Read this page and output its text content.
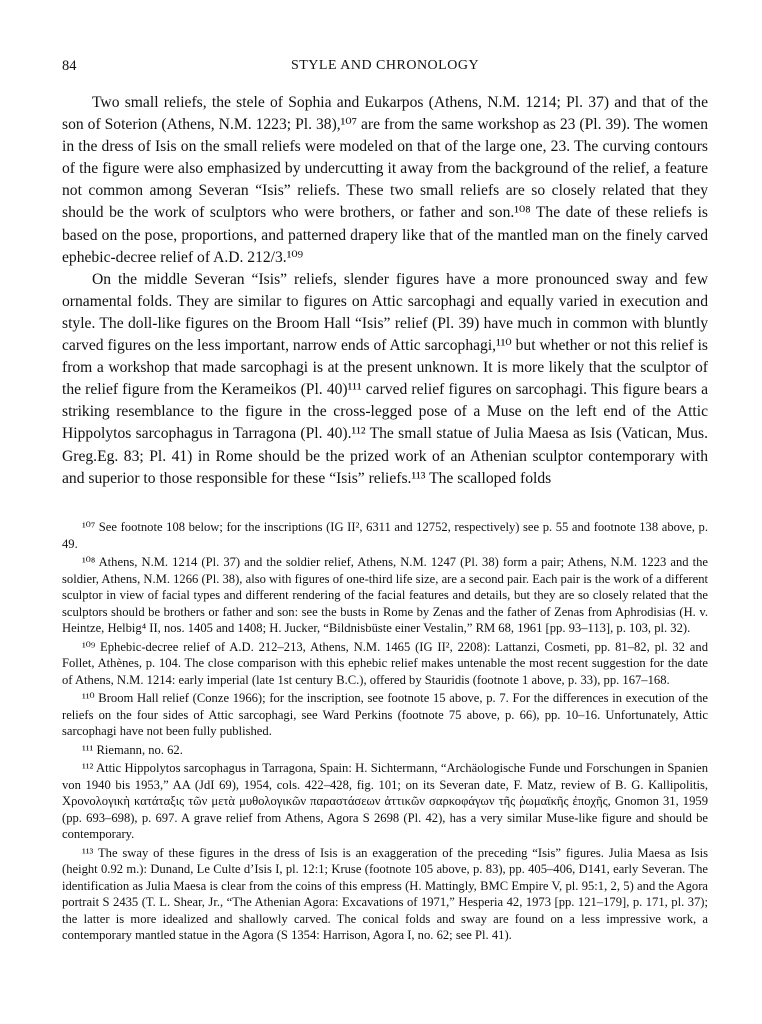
84	STYLE AND CHRONOLOGY

Two small reliefs, the stele of Sophia and Eukarpos (Athens, N.M. 1214; Pl. 37) and that of the son of Soterion (Athens, N.M. 1223; Pl. 38),¹⁰⁷ are from the same workshop as 23 (Pl. 39). The women in the dress of Isis on the small reliefs were modeled on that of the large one, 23. The curving contours of the figure were also emphasized by undercutting it away from the background of the relief, a feature not common among Severan “Isis” reliefs. These two small reliefs are so closely related that they should be the work of sculptors who were brothers, or father and son.¹⁰⁸ The date of these reliefs is based on the pose, proportions, and patterned drapery like that of the mantled man on the finely carved ephebic-decree relief of A.D. 212/3.¹⁰⁹

On the middle Severan “Isis” reliefs, slender figures have a more pronounced sway and few ornamental folds. They are similar to figures on Attic sarcophagi and equally varied in execution and style. The doll-like figures on the Broom Hall “Isis” relief (Pl. 39) have much in common with bluntly carved figures on the less important, narrow ends of Attic sarcophagi,¹¹⁰ but whether or not this relief is from a workshop that made sarcophagi is at the present unknown. It is more likely that the sculptor of the relief figure from the Kerameikos (Pl. 40)¹¹¹ carved relief figures on sarcophagi. This figure bears a striking resemblance to the figure in the cross-legged pose of a Muse on the left end of the Attic Hippolytos sarcophagus in Tarragona (Pl. 40).¹¹² The small statue of Julia Maesa as Isis (Vatican, Mus. Greg.Eg. 83; Pl. 41) in Rome should be the prized work of an Athenian sculptor contemporary with and superior to those responsible for these “Isis” reliefs.¹¹³ The scalloped folds

¹⁰⁷ See footnote 108 below; for the inscriptions (IG II², 6311 and 12752, respectively) see p. 55 and footnote 138 above, p. 49.

¹⁰⁸ Athens, N.M. 1214 (Pl. 37) and the soldier relief, Athens, N.M. 1247 (Pl. 38) form a pair; Athens, N.M. 1223 and the soldier, Athens, N.M. 1266 (Pl. 38), also with figures of one-third life size, are a second pair. Each pair is the work of a different sculptor in view of facial types and different rendering of the facial features and details, but they are so closely related that the sculptors should be brothers or father and son: see the busts in Rome by Zenas and the father of Zenas from Aphrodisias (H. v. Heintze, Helbig⁴ II, nos. 1405 and 1408; H. Jucker, “Bildnisbüste einer Vestalin,” RM 68, 1961 [pp. 93–113], p. 103, pl. 32).

¹⁰⁹ Ephebic-decree relief of A.D. 212–213, Athens, N.M. 1465 (IG II², 2208): Lattanzi, Cosmeti, pp. 81–82, pl. 32 and Follet, Athènes, p. 104. The close comparison with this ephebic relief makes untenable the most recent suggestion for the date of Athens, N.M. 1214: early imperial (late 1st century B.C.), offered by Stauridis (footnote 1 above, p. 33), pp. 167–168.

¹¹⁰ Broom Hall relief (Conze 1966); for the inscription, see footnote 15 above, p. 7. For the differences in execution of the reliefs on the four sides of Attic sarcophagi, see Ward Perkins (footnote 75 above, p. 66), pp. 10–16. Unfortunately, Attic sarcophagi have not been fully published.

¹¹¹ Riemann, no. 62.

¹¹² Attic Hippolytos sarcophagus in Tarragona, Spain: H. Sichtermann, “Archäologische Funde und Forschungen in Spanien von 1940 bis 1953,” AA (JdI 69), 1954, cols. 422–428, fig. 101; on its Severan date, F. Matz, review of B. G. Kallipolitis, Χρονολογικὴ κατάταξις τῶν μετὰ μυθολογικῶν παραστάσεων ἀττικῶν σαρκοφάγων τῆς ῥωμαϊκῆς ἐποχῆς, Gnomon 31, 1959 (pp. 693–698), p. 697. A grave relief from Athens, Agora S 2698 (Pl. 42), has a very similar Muse-like figure and should be contemporary.

¹¹³ The sway of these figures in the dress of Isis is an exaggeration of the preceding “Isis” figures. Julia Maesa as Isis (height 0.92 m.): Dunand, Le Culte d’Isis I, pl. 12:1; Kruse (footnote 105 above, p. 83), pp. 405–406, D141, early Severan. The identification as Julia Maesa is clear from the coins of this empress (H. Mattingly, BMC Empire V, pl. 95:1, 2, 5) and the Agora portrait S 2435 (T. L. Shear, Jr., “The Athenian Agora: Excavations of 1971,” Hesperia 42, 1973 [pp. 121–179], p. 171, pl. 37); the latter is more idealized and shallowly carved. The conical folds and sway are found on a less impressive work, a contemporary mantled statue in the Agora (S 1354: Harrison, Agora I, no. 62; see Pl. 41).
